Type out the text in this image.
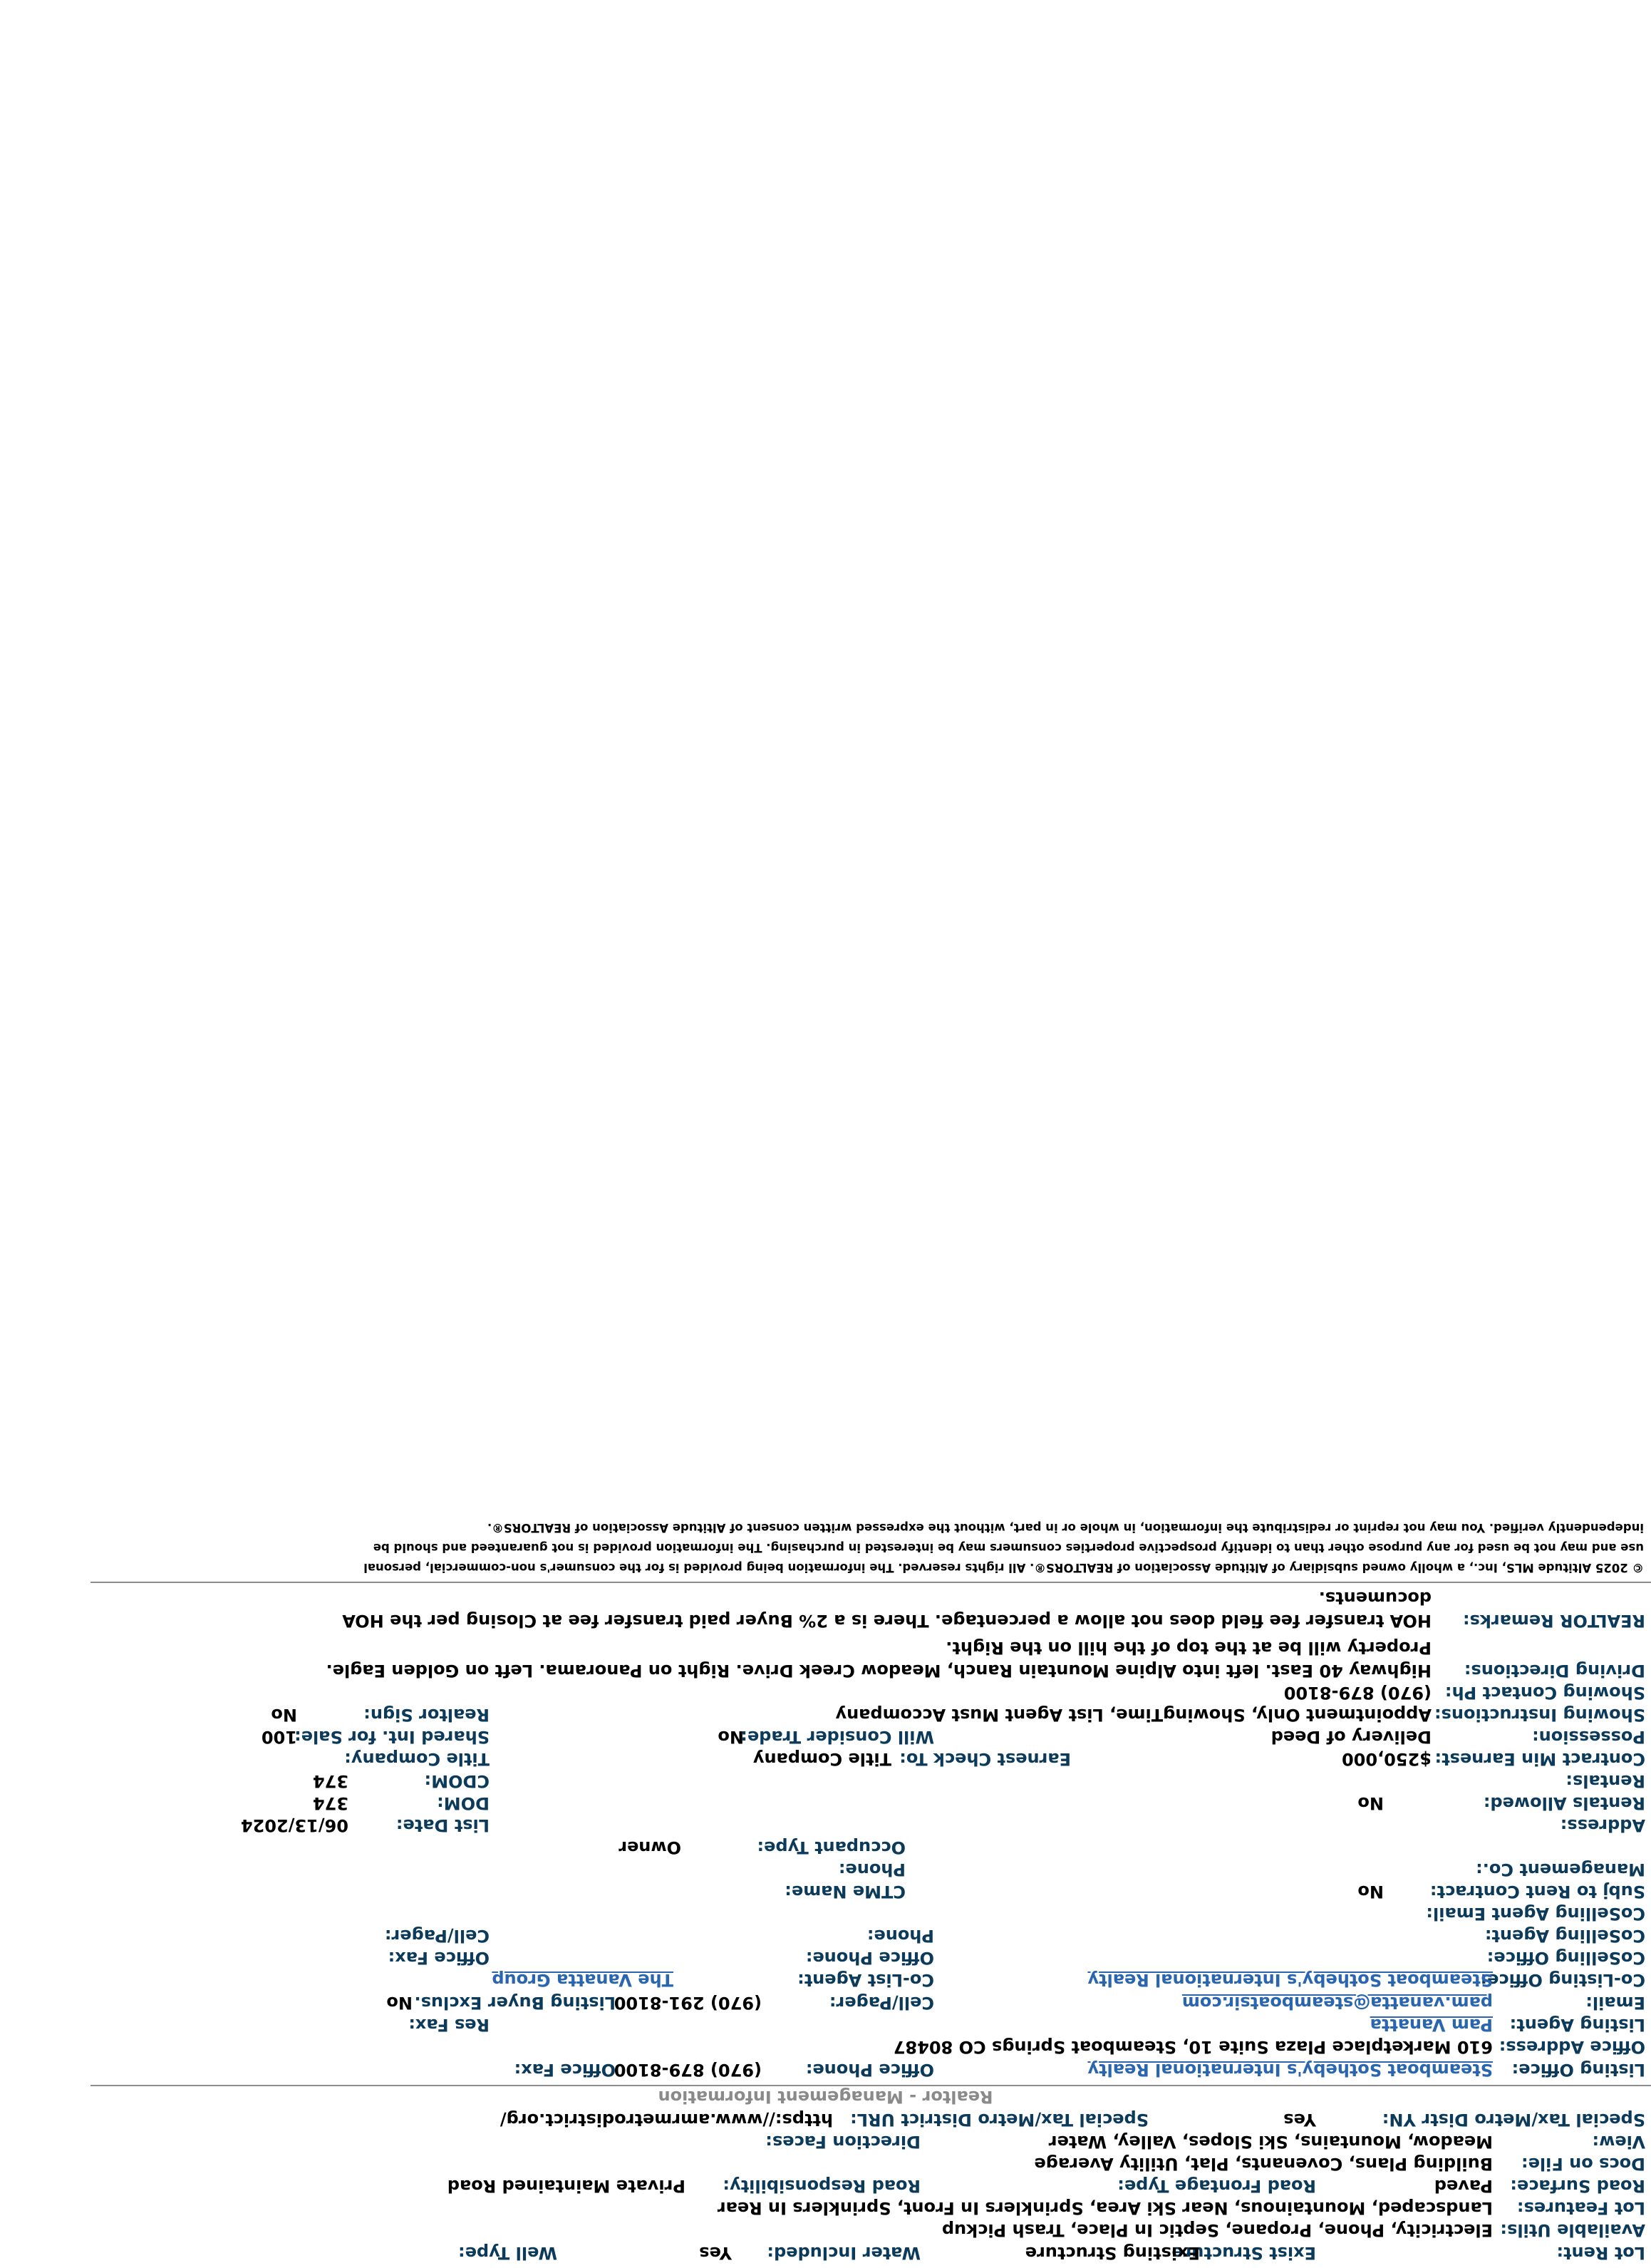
Lot Rent:
Exist Structure
Existing Structure
Water Included:
Yes
Well Type:
Available Utils:
Electricity, Phone, Propane, Septic In Place, Trash Pickup
Lot Features:
Landscaped, Mountainous, Near Ski Area, Sprinklers In Front, Sprinklers In Rear
Road Surface:
Paved
Road Frontage Type:
Road Responsibility:
Private Maintained Road
Docs on File:
Building Plans, Covenants, Plat, Utility Average
View:
Meadow, Mountains, Ski Slopes, Valley, Water
Direction Faces:
Special Tax/Metro Distr YN:
Yes
Special Tax/Metro District URL:
https://www.amrmetrodistrict.org/
Realtor - Management Information
Listing Office:
Steamboat Sotheby's International Realty
Office Phone:
(970) 879-8100
Office Fax:
Office Address:
610 Marketplace Plaza Suite 10, Steamboat Springs CO 80487
Listing Agent:
Pam Vanatta
Res Fax:
Email:
pam.vanatta@steamboatsir.com
Cell/Pager:
(970) 291-8100
Listing Buyer Exclus.
No
Co-Listing Office:
Steamboat Sotheby's International Realty
Co-List Agent:
The Vanatta Group
CoSelling Office:
Office Phone:
Office Fax:
CoSelling Agent:
Phone:
Cell/Pager:
CoSelling Agent Email:
Subj to Rent Contract:
No
CTMe Name:
Management Co.:
Phone:
Occupant Type:
Owner
Address:
List Date:
06/13/2024
Rentals Allowed:
No
DOM:
374
Rentals:
CDOM:
374
Contract Min Earnest:
$250,000
Earnest Check To:
Title Company
Title Company:
Possession:
Delivery of Deed
Will Consider Trade:
No
Shared Int. for Sale:
100
Showing Instructions:
Appointment Only, ShowingTime, List Agent Must Accompany
Realtor Sign:
No
Showing Contact Ph:
(970) 879-8100
Driving Directions:
Highway 40 East. left into Alpine Mountain Ranch, Meadow Creek Drive. Right on Panorama. Left on Golden Eagle.
Property will be at the top of the hill on the Right.
REALTOR Remarks:
HOA transfer fee field does not allow a percentage. There is a 2% Buyer paid transfer fee at Closing per the HOA
documents.
© 2025 Altitude MLS, Inc., a wholly owned subsidiary of Altitude Association of REALTORS®. All rights reserved. The information being provided is for the consumer's non-commercial, personal
use and may not be used for any purpose other than to identify prospective properties consumers may be interested in purchasing. The information provided is not guaranteed and should be
independently verified. You may not reprint or redistribute the information, in whole or in part, without the expressed written consent of Altitude Association of REALTORS®.
